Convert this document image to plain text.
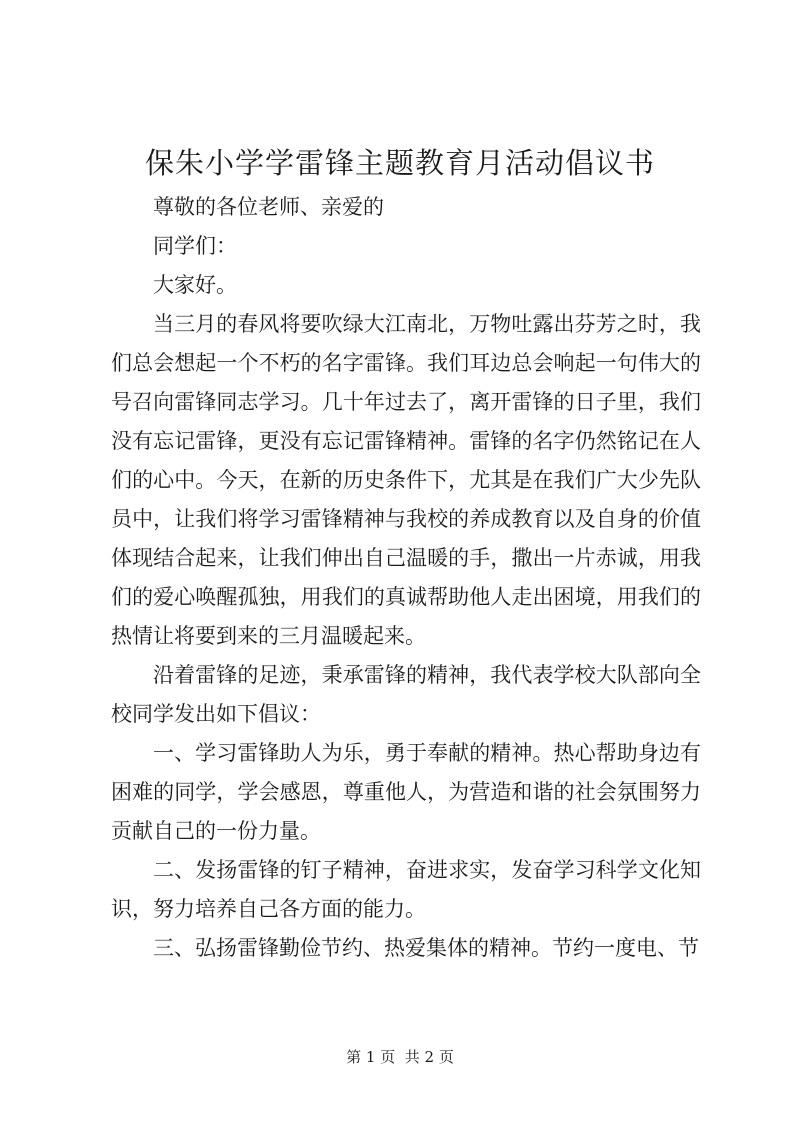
保朱小学学雷锋主题教育月活动倡议书

尊敬的各位老师、亲爱的

同学们：

大家好。

当三月的春风将要吹绿大江南北，万物吐露出芬芳之时，我们总会想起一个不朽的名字雷锋。我们耳边总会响起一句伟大的号召向雷锋同志学习。几十年过去了，离开雷锋的日子里，我们没有忘记雷锋，更没有忘记雷锋精神。雷锋的名字仍然铭记在人们的心中。今天，在新的历史条件下，尤其是在我们广大少先队员中，让我们将学习雷锋精神与我校的养成教育以及自身的价值体现结合起来，让我们伸出自己温暖的手，撒出一片赤诚，用我们的爱心唤醒孤独，用我们的真诚帮助他人走出困境，用我们的热情让将要到来的三月温暖起来。

沿着雷锋的足迹，秉承雷锋的精神，我代表学校大队部向全校同学发出如下倡议：

一、学习雷锋助人为乐，勇于奉献的精神。热心帮助身边有困难的同学，学会感恩，尊重他人，为营造和谐的社会氛围努力贡献自己的一份力量。

二、发扬雷锋的钉子精神，奋进求实，发奋学习科学文化知识，努力培养自己各方面的能力。

三、弘扬雷锋勤俭节约、热爱集体的精神。节约一度电、节

第 1 页  共 2 页
